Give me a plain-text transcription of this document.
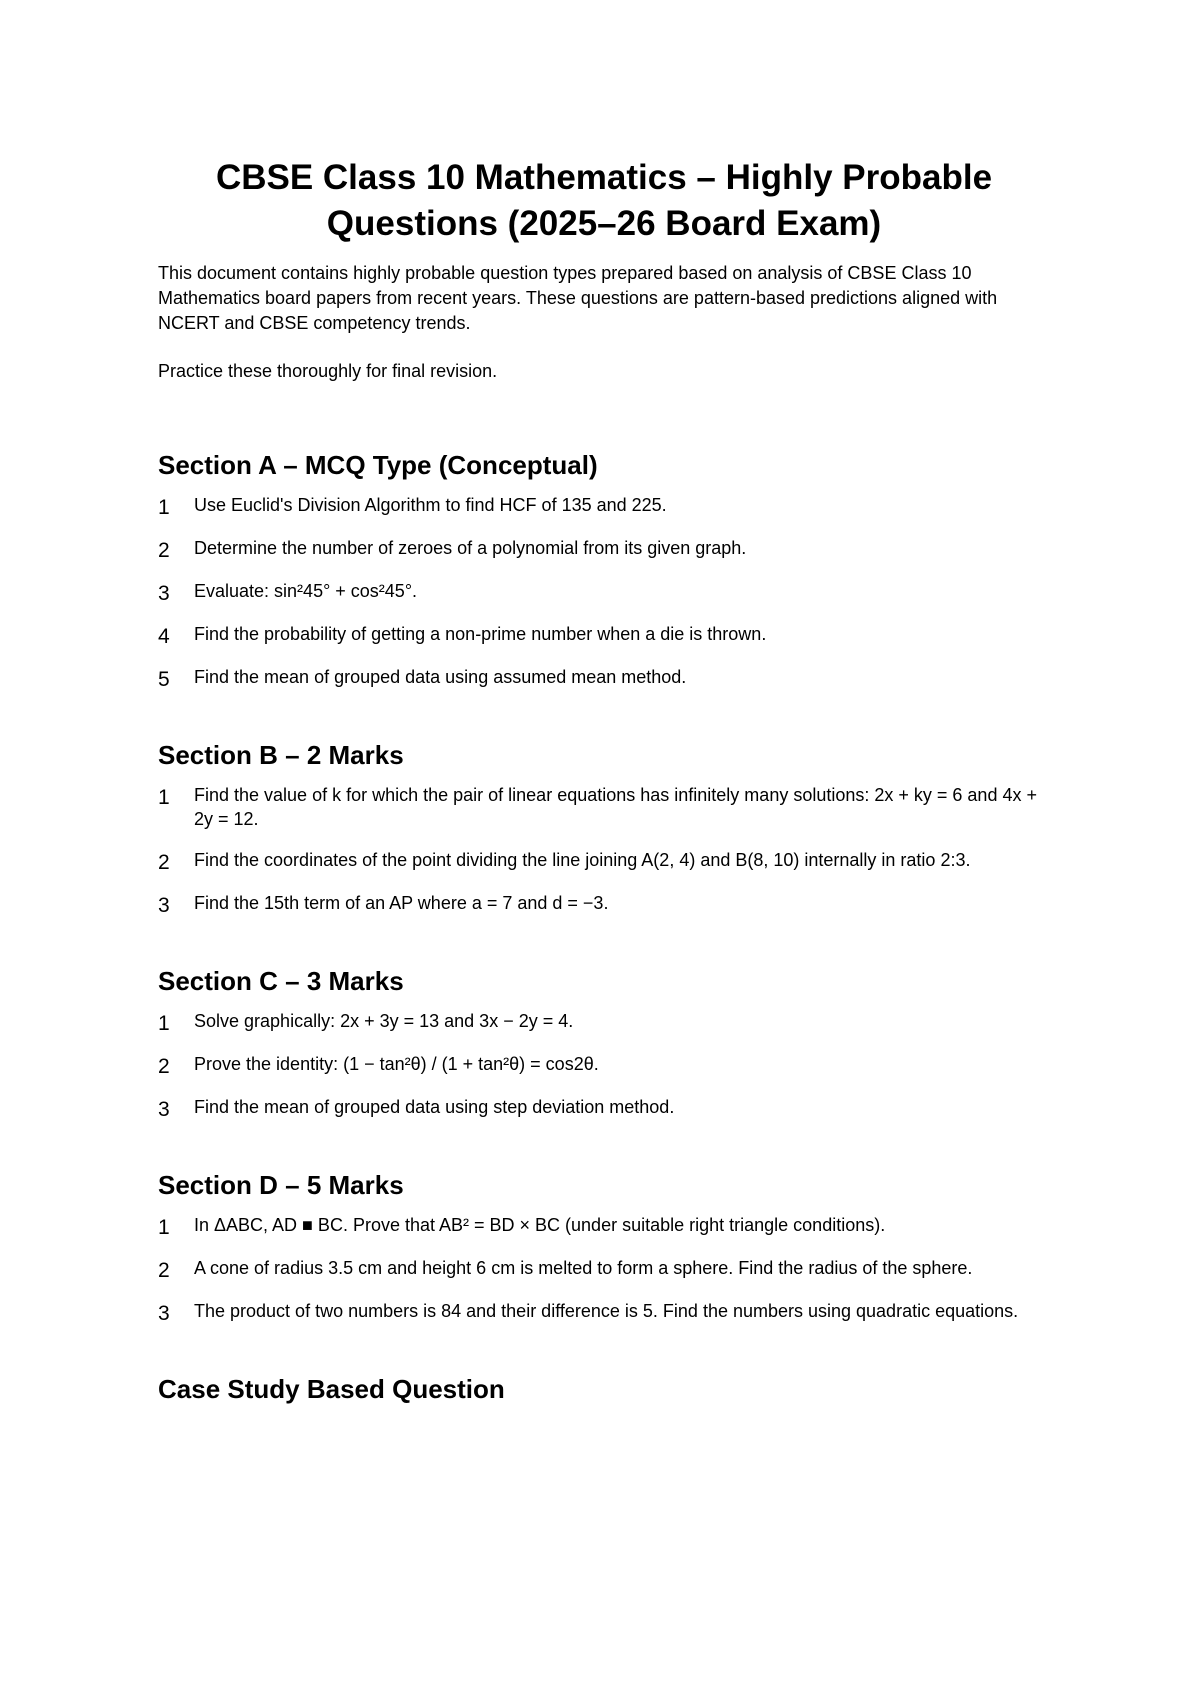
CBSE Class 10 Mathematics – Highly Probable Questions (2025–26 Board Exam)

This document contains highly probable question types prepared based on analysis of CBSE Class 10 Mathematics board papers from recent years. These questions are pattern-based predictions aligned with NCERT and CBSE competency trends.

Practice these thoroughly for final revision.

Section A – MCQ Type (Conceptual)
1	Use Euclid's Division Algorithm to find HCF of 135 and 225.
2	Determine the number of zeroes of a polynomial from its given graph.
3	Evaluate: sin²45° + cos²45°.
4	Find the probability of getting a non-prime number when a die is thrown.
5	Find the mean of grouped data using assumed mean method.
Section B – 2 Marks
1	Find the value of k for which the pair of linear equations has infinitely many solutions: 2x + ky = 6 and 4x + 2y = 12.
2	Find the coordinates of the point dividing the line joining A(2, 4) and B(8, 10) internally in ratio 2:3.
3	Find the 15th term of an AP where a = 7 and d = −3.
Section C – 3 Marks
1	Solve graphically: 2x + 3y = 13 and 3x − 2y = 4.
2	Prove the identity: (1 − tan²θ) / (1 + tan²θ) = cos2θ.
3	Find the mean of grouped data using step deviation method.
Section D – 5 Marks
1	In ΔABC, AD ■ BC. Prove that AB² = BD × BC (under suitable right triangle conditions).
2	A cone of radius 3.5 cm and height 6 cm is melted to form a sphere. Find the radius of the sphere.
3	The product of two numbers is 84 and their difference is 5. Find the numbers using quadratic equations.
Case Study Based Question
